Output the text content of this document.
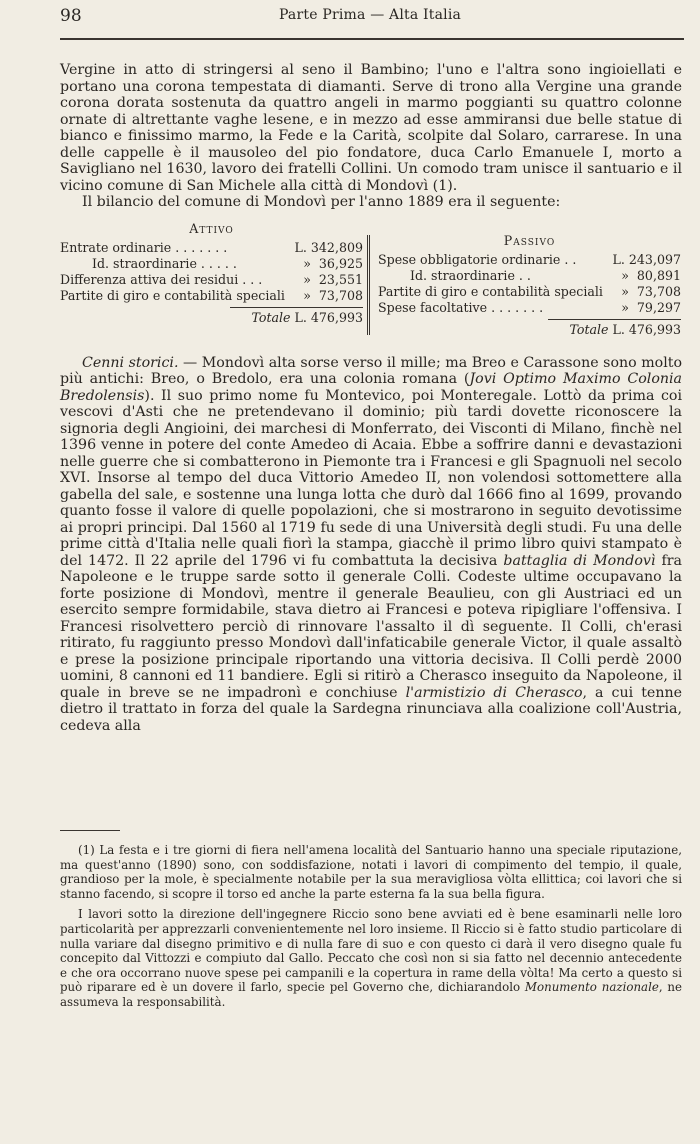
98	Parte Prima — Alta Italia

Vergine in atto di stringersi al seno il Bambino; l'uno e l'altra sono ingioiellati e portano una corona tempestata di diamanti. Serve di trono alla Vergine una grande corona dorata sostenuta da quattro angeli in marmo poggianti su quattro colonne ornate di altrettante vaghe lesene, e in mezzo ad esse ammiransi due belle statue di bianco e finissimo marmo, la Fede e la Carità, scolpite dal Solaro, carrarese. In una delle cappelle è il mausoleo del pio fondatore, duca Carlo Emanuele I, morto a Savigliano nel 1630, lavoro dei fratelli Collini. Un comodo tram unisce il santuario e il vicino comune di San Michele alla città di Mondovì (1).

Il bilancio del comune di Mondovì per l'anno 1889 era il seguente:

Attivo
Entrate ordinarie . . . . . . .	L. 342,809
Id. straordinarie . . . . .	» 36,925
Differenza attiva dei residui . . .	» 23,551
Partite di giro e contabilità speciali	» 73,708
Totale L. 476,993
Passivo
Spese obbligatorie ordinarie . .	L. 243,097
Id. straordinarie . .	» 80,891
Partite di giro e contabilità speciali	» 73,708
Spese facoltative . . . . . . .	» 79,297
Totale L. 476,993

Cenni storici. — Mondovì alta sorse verso il mille; ma Breo e Carassone sono molto più antichi: Breo, o Bredolo, era una colonia romana (Jovi Optimo Maximo Colonia Bredolensis). Il suo primo nome fu Montevico, poi Monteregale. Lottò da prima coi vescovi d'Asti che ne pretendevano il dominio; più tardi dovette riconoscere la signoria degli Angioini, dei marchesi di Monferrato, dei Visconti di Milano, finchè nel 1396 venne in potere del conte Amedeo di Acaia. Ebbe a soffrire danni e devastazioni nelle guerre che si combatterono in Piemonte tra i Francesi e gli Spagnuoli nel secolo XVI. Insorse al tempo del duca Vittorio Amedeo II, non volendosi sottomettere alla gabella del sale, e sostenne una lunga lotta che durò dal 1666 fino al 1699, provando quanto fosse il valore di quelle popolazioni, che si mostrarono in seguito devotissime ai propri principi. Dal 1560 al 1719 fu sede di una Università degli studi. Fu una delle prime città d'Italia nelle quali fiorì la stampa, giacchè il primo libro quivi stampato è del 1472. Il 22 aprile del 1796 vi fu combattuta la decisiva battaglia di Mondovì fra Napoleone e le truppe sarde sotto il generale Colli. Codeste ultime occupavano la forte posizione di Mondovì, mentre il generale Beaulieu, con gli Austriaci ed un esercito sempre formidabile, stava dietro ai Francesi e poteva ripigliare l'offensiva. I Francesi risolvettero perciò di rinnovare l'assalto il dì seguente. Il Colli, ch'erasi ritirato, fu raggiunto presso Mondovì dall'infaticabile generale Victor, il quale assaltò e prese la posizione principale riportando una vittoria decisiva. Il Colli perdè 2000 uomini, 8 cannoni ed 11 bandiere. Egli si ritirò a Cherasco inseguito da Napoleone, il quale in breve se ne impadronì e conchiuse l'armistizio di Cherasco, a cui tenne dietro il trattato in forza del quale la Sardegna rinunciava alla coalizione coll'Austria, cedeva alla

(1) La festa e i tre giorni di fiera nell'amena località del Santuario hanno una speciale riputazione, ma quest'anno (1890) sono, con soddisfazione, notati i lavori di compimento del tempio, il quale, grandioso per la mole, è specialmente notabile per la sua meravigliosa vòlta ellittica; coi lavori che si stanno facendo, si scopre il torso ed anche la parte esterna fa la sua bella figura.

I lavori sotto la direzione dell'ingegnere Riccio sono bene avviati ed è bene esaminarli nelle loro particolarità per apprezzarli convenientemente nel loro insieme. Il Riccio si è fatto studio particolare di nulla variare dal disegno primitivo e di nulla fare di suo e con questo ci darà il vero disegno quale fu concepito dal Vittozzi e compiuto dal Gallo. Peccato che così non si sia fatto nel decennio antecedente e che ora occorrano nuove spese pei campanili e la copertura in rame della vòlta! Ma certo a questo si può riparare ed è un dovere il farlo, specie pel Governo che, dichiarandolo Monumento nazionale, ne assumeva la responsabilità.
